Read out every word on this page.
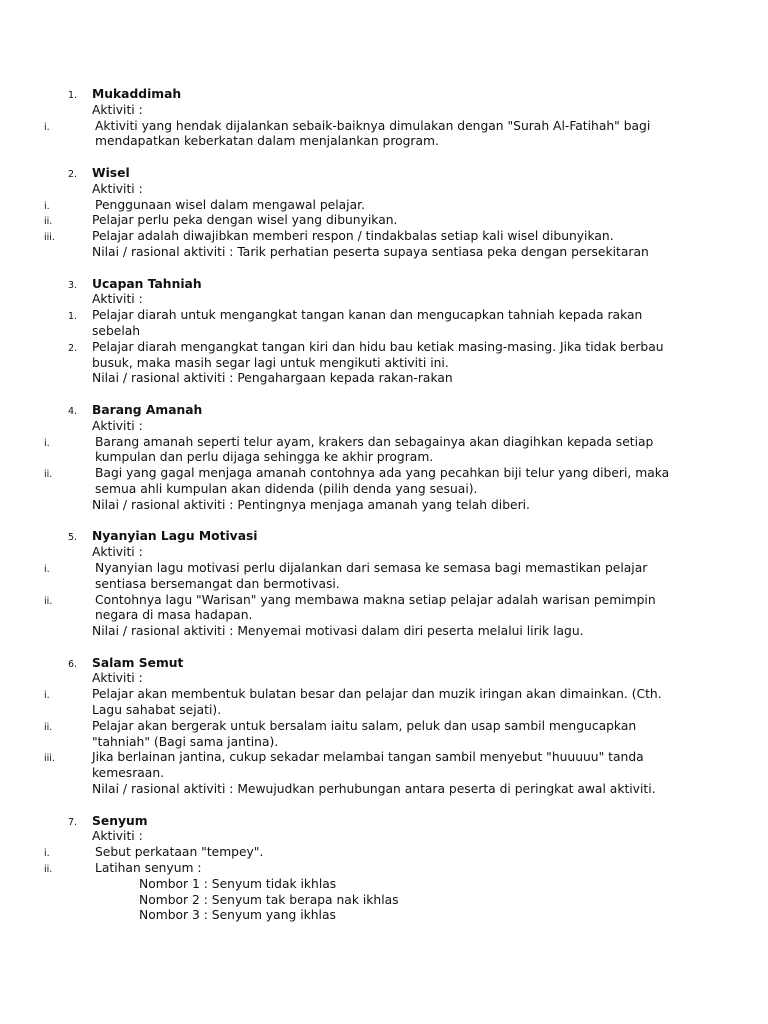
1.	Mukaddimah
Aktiviti :
i.	Aktiviti yang hendak dijalankan sebaik-baiknya dimulakan dengan "Surah Al-Fatihah" bagi mendapatkan keberkatan dalam menjalankan program.
2.	Wisel
Aktiviti :
i.	Penggunaan wisel dalam mengawal pelajar.
ii.	Pelajar perlu peka dengan wisel yang dibunyikan.
iii.	Pelajar adalah diwajibkan memberi respon / tindakbalas setiap kali wisel dibunyikan.
Nilai / rasional aktiviti : Tarik perhatian peserta supaya sentiasa peka dengan persekitaran
3.	Ucapan Tahniah
Aktiviti :
1.	Pelajar diarah untuk mengangkat tangan kanan dan mengucapkan tahniah kepada rakan sebelah
2.	Pelajar diarah mengangkat tangan kiri dan hidu bau ketiak masing-masing. Jika tidak berbau busuk, maka masih segar lagi untuk mengikuti aktiviti ini.
Nilai / rasional aktiviti : Pengahargaan kepada rakan-rakan
4.	Barang Amanah
Aktiviti :
i.	Barang amanah seperti telur ayam, krakers dan sebagainya akan diagihkan kepada setiap kumpulan dan perlu dijaga sehingga ke akhir program.
ii.	Bagi yang gagal menjaga amanah contohnya ada yang pecahkan biji telur yang diberi, maka semua ahli kumpulan akan didenda (pilih denda yang sesuai).
Nilai / rasional aktiviti : Pentingnya menjaga amanah yang telah diberi.
5.	Nyanyian Lagu Motivasi
Aktiviti :
i.	Nyanyian lagu motivasi perlu dijalankan dari semasa ke semasa bagi memastikan pelajar sentiasa bersemangat dan bermotivasi.
ii.	Contohnya lagu "Warisan" yang membawa makna setiap pelajar adalah warisan pemimpin negara di masa hadapan.
Nilai / rasional aktiviti : Menyemai motivasi dalam diri peserta melalui lirik lagu.
6.	Salam Semut
Aktiviti :
i.	Pelajar akan membentuk bulatan besar dan pelajar dan muzik iringan akan dimainkan. (Cth. Lagu sahabat sejati).
ii.	Pelajar akan bergerak untuk bersalam iaitu salam, peluk dan usap sambil mengucapkan "tahniah" (Bagi sama jantina).
iii.	Jika berlainan jantina, cukup sekadar melambai tangan sambil menyebut "huuuuu" tanda kemesraan.
Nilai / rasional aktiviti : Mewujudkan perhubungan antara peserta di peringkat awal aktiviti.
7.	Senyum
Aktiviti :
i.	Sebut perkataan "tempey".
ii.	Latihan senyum :
Nombor 1 : Senyum tidak ikhlas
Nombor 2 : Senyum tak berapa nak ikhlas
Nombor 3 : Senyum yang ikhlas
